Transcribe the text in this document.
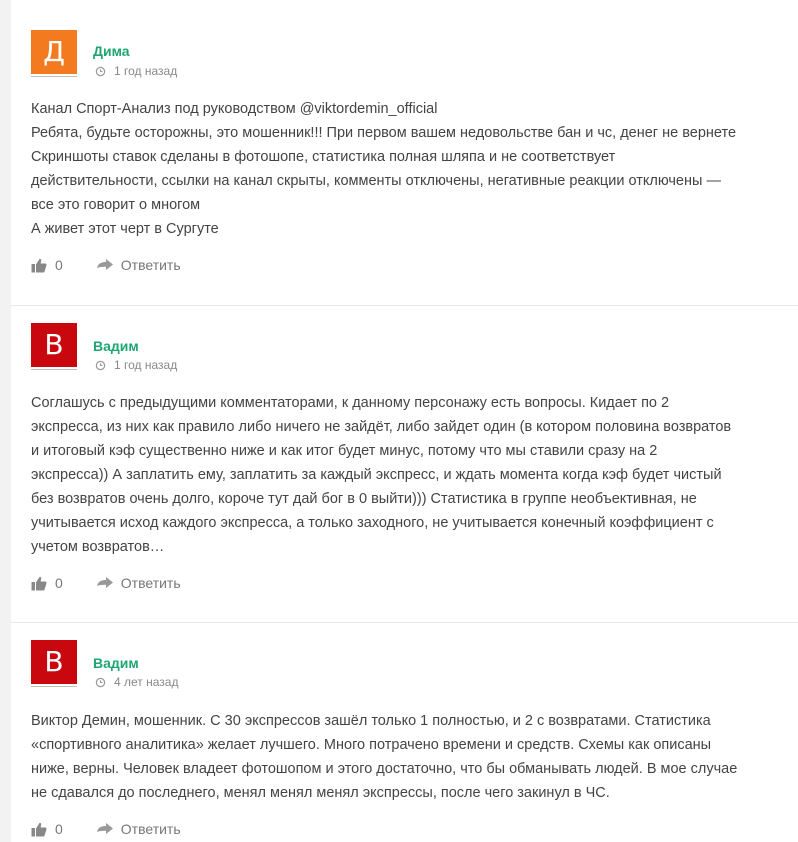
Д	Дима
1 год назад

Канал Спорт-Анализ под руководством @viktordemin_official

Ребята, будьте осторожны, это мошенник!!! При первом вашем недовольстве бан и чс, денег не вернете

Скриншоты ставок сделаны в фотошопе, статистика полная шляпа и не соответствует

действительности, ссылки на канал скрыты, комменты отключены, негативные реакции отключены —

все это говорит о многом

А живет этот черт в Сургуте

0	Ответить
В	Вадим
1 год назад

Соглашусь с предыдущими комментаторами, к данному персонажу есть вопросы. Кидает по 2

экспресса, из них как правило либо ничего не зайдёт, либо зайдет один (в котором половина возвратов

и итоговый кэф существенно ниже и как итог будет минус, потому что мы ставили сразу на 2

экспресса)) А заплатить ему, заплатить за каждый экспресс, и ждать момента когда кэф будет чистый

без возвратов очень долго, короче тут дай бог в 0 выйти))) Статистика в группе необъективная, не

учитывается исход каждого экспресса, а только заходного, не учитывается конечный коэффициент с

учетом возвратов…

0	Ответить
В	Вадим
4 лет назад

Виктор Демин, мошенник. С 30 экспрессов зашёл только 1 полностью, и 2 с возвратами. Статистика

«спортивного аналитика» желает лучшего. Много потрачено времени и средств. Схемы как описаны

ниже, верны. Человек владеет фотошопом и этого достаточно, что бы обманывать людей. В мое случае

не сдавался до последнего, менял менял менял экспрессы, после чего закинул в ЧС.

0	Ответить
